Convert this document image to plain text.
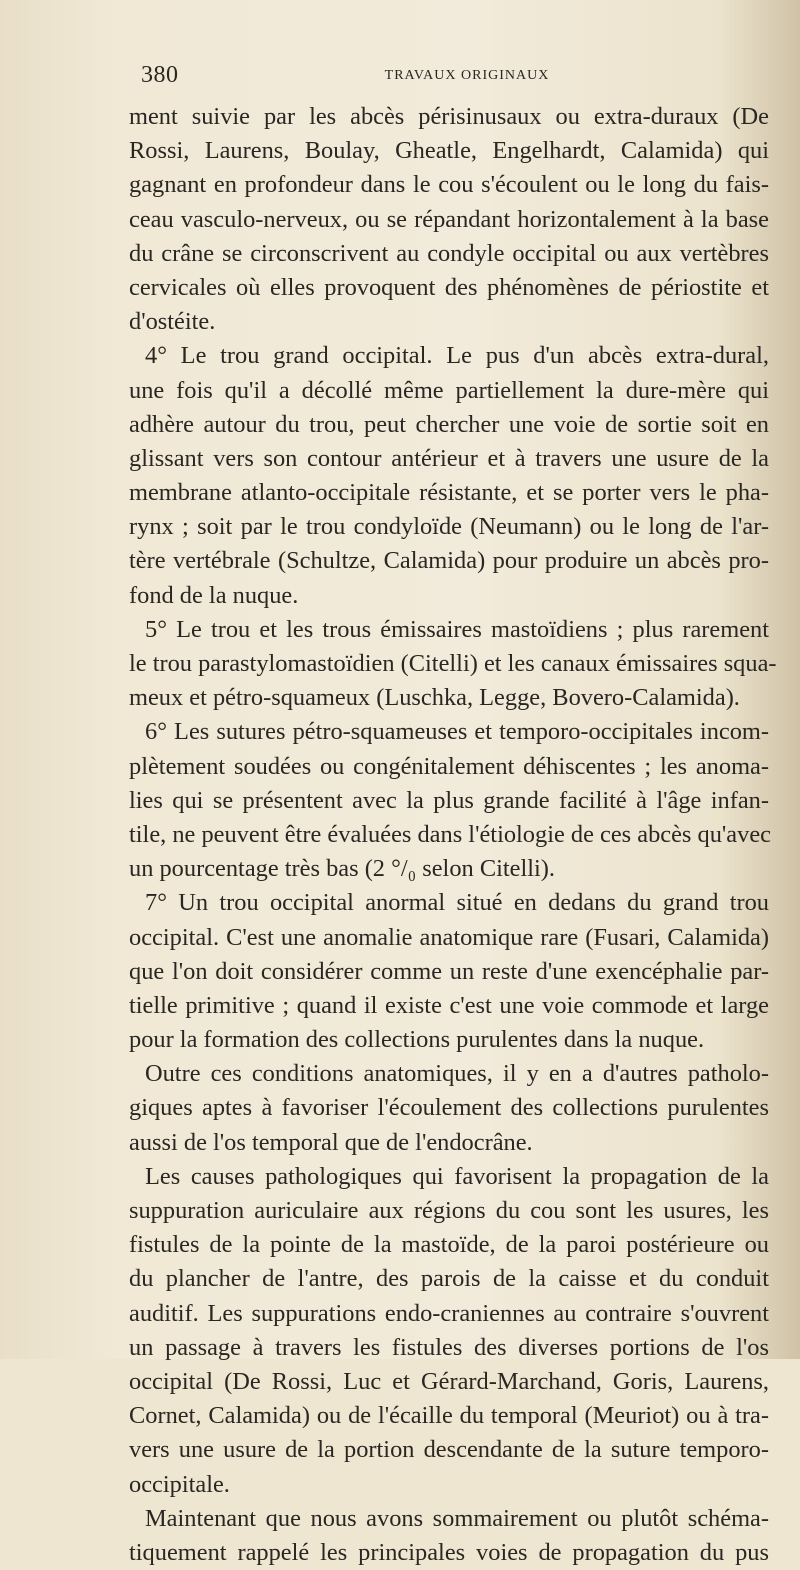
380	TRAVAUX ORIGINAUX
ment suivie par les abcès périsinusaux ou extra-duraux (De
Rossi, Laurens, Boulay, Gheatle, Engelhardt, Calamida) qui
gagnant en profondeur dans le cou s'écoulent ou le long du fais-
ceau vasculo-nerveux, ou se répandant horizontalement à la base
du crâne se circonscrivent au condyle occipital ou aux vertèbres
cervicales où elles provoquent des phénomènes de périostite et
d'ostéite.
4° Le trou grand occipital. Le pus d'un abcès extra-dural,
une fois qu'il a décollé même partiellement la dure-mère qui
adhère autour du trou, peut chercher une voie de sortie soit en
glissant vers son contour antérieur et à travers une usure de la
membrane atlanto-occipitale résistante, et se porter vers le pha-
rynx ; soit par le trou condyloïde (Neumann) ou le long de l'ar-
tère vertébrale (Schultze, Calamida) pour produire un abcès pro-
fond de la nuque.
5° Le trou et les trous émissaires mastoïdiens ; plus rarement
le trou parastylomastoïdien (Citelli) et les canaux émissaires squa-
meux et pétro-squameux (Luschka, Legge, Bovero-Calamida).
6° Les sutures pétro-squameuses et temporo-occipitales incom-
plètement soudées ou congénitalement déhiscentes ; les anoma-
lies qui se présentent avec la plus grande facilité à l'âge infan-
tile, ne peuvent être évaluées dans l'étiologie de ces abcès qu'avec
un pourcentage très bas (2 °/₀ selon Citelli).
7° Un trou occipital anormal situé en dedans du grand trou
occipital. C'est une anomalie anatomique rare (Fusari, Calamida)
que l'on doit considérer comme un reste d'une exencéphalie par-
tielle primitive ; quand il existe c'est une voie commode et large
pour la formation des collections purulentes dans la nuque.
Outre ces conditions anatomiques, il y en a d'autres patholo-
giques aptes à favoriser l'écoulement des collections purulentes
aussi de l'os temporal que de l'endocrâne.
Les causes pathologiques qui favorisent la propagation de la
suppuration auriculaire aux régions du cou sont les usures, les
fistules de la pointe de la mastoïde, de la paroi postérieure ou
du plancher de l'antre, des parois de la caisse et du conduit
auditif. Les suppurations endo-craniennes au contraire s'ouvrent
un passage à travers les fistules des diverses portions de l'os
occipital (De Rossi, Luc et Gérard-Marchand, Goris, Laurens,
Cornet, Calamida) ou de l'écaille du temporal (Meuriot) ou à tra-
vers une usure de la portion descendante de la suture temporo-
occipitale.
Maintenant que nous avons sommairement ou plutôt schéma-
tiquement rappelé les principales voies de propagation du pus
